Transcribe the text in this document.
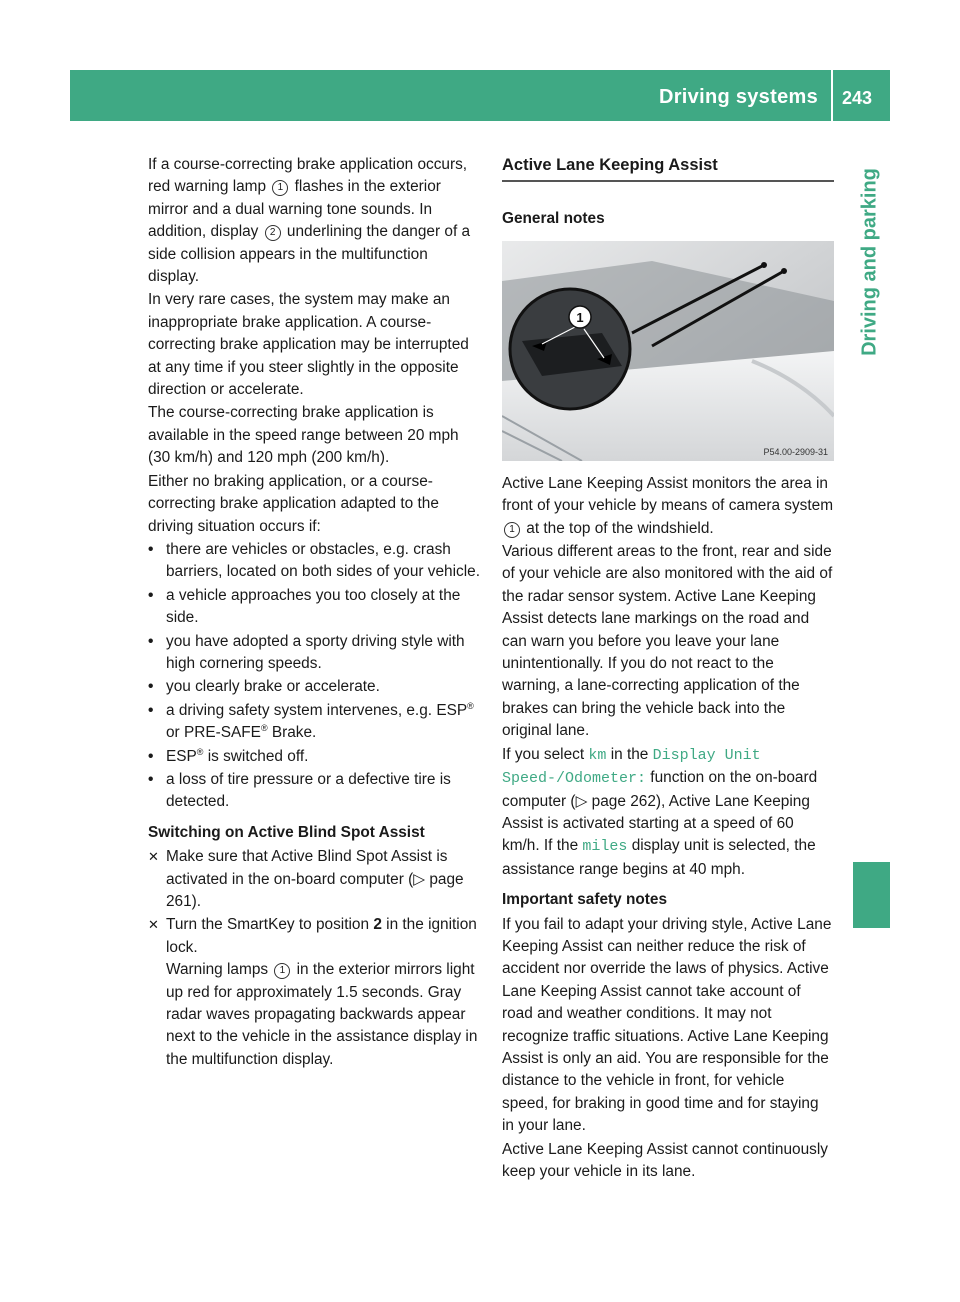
Driving systems 243
Driving and parking

If a course-correcting brake application occurs, red warning lamp 1 flashes in the exterior mirror and a dual warning tone sounds. In addition, display 2 underlining the danger of a side collision appears in the multifunction display.

In very rare cases, the system may make an inappropriate brake application. A course-correcting brake application may be interrupted at any time if you steer slightly in the opposite direction or accelerate.

The course-correcting brake application is available in the speed range between 20 mph (30 km/h) and 120 mph (200 km/h).

Either no braking application, or a course-correcting brake application adapted to the driving situation occurs if:

• there are vehicles or obstacles, e.g. crash barriers, located on both sides of your vehicle.
• a vehicle approaches you too closely at the side.
• you have adopted a sporty driving style with high cornering speeds.
• you clearly brake or accelerate.
• a driving safety system intervenes, e.g. ESP® or PRE-SAFE® Brake.
• ESP® is switched off.
• a loss of tire pressure or a defective tire is detected.
Switching on Active Blind Spot Assist
✕ Make sure that Active Blind Spot Assist is activated in the on-board computer (▷ page 261).
✕ Turn the SmartKey to position 2 in the ignition lock.
Warning lamps 1 in the exterior mirrors light up red for approximately 1.5 seconds. Gray radar waves propagating backwards appear next to the vehicle in the assistance display in the multifunction display.
Active Lane Keeping Assist
General notes
1
P54.00-2909-31

Active Lane Keeping Assist monitors the area in front of your vehicle by means of camera system 1 at the top of the windshield.

Various different areas to the front, rear and side of your vehicle are also monitored with the aid of the radar sensor system. Active Lane Keeping Assist detects lane markings on the road and can warn you before you leave your lane unintentionally. If you do not react to the warning, a lane-correcting application of the brakes can bring the vehicle back into the original lane.

If you select km in the Display Unit Speed-/Odometer: function on the on-board computer (▷ page 262), Active Lane Keeping Assist is activated starting at a speed of 60 km/h. If the miles display unit is selected, the assistance range begins at 40 mph.

Important safety notes

If you fail to adapt your driving style, Active Lane Keeping Assist can neither reduce the risk of accident nor override the laws of physics. Active Lane Keeping Assist cannot take account of road and weather conditions. It may not recognize traffic situations. Active Lane Keeping Assist is only an aid. You are responsible for the distance to the vehicle in front, for vehicle speed, for braking in good time and for staying in your lane.

Active Lane Keeping Assist cannot continuously keep your vehicle in its lane.
